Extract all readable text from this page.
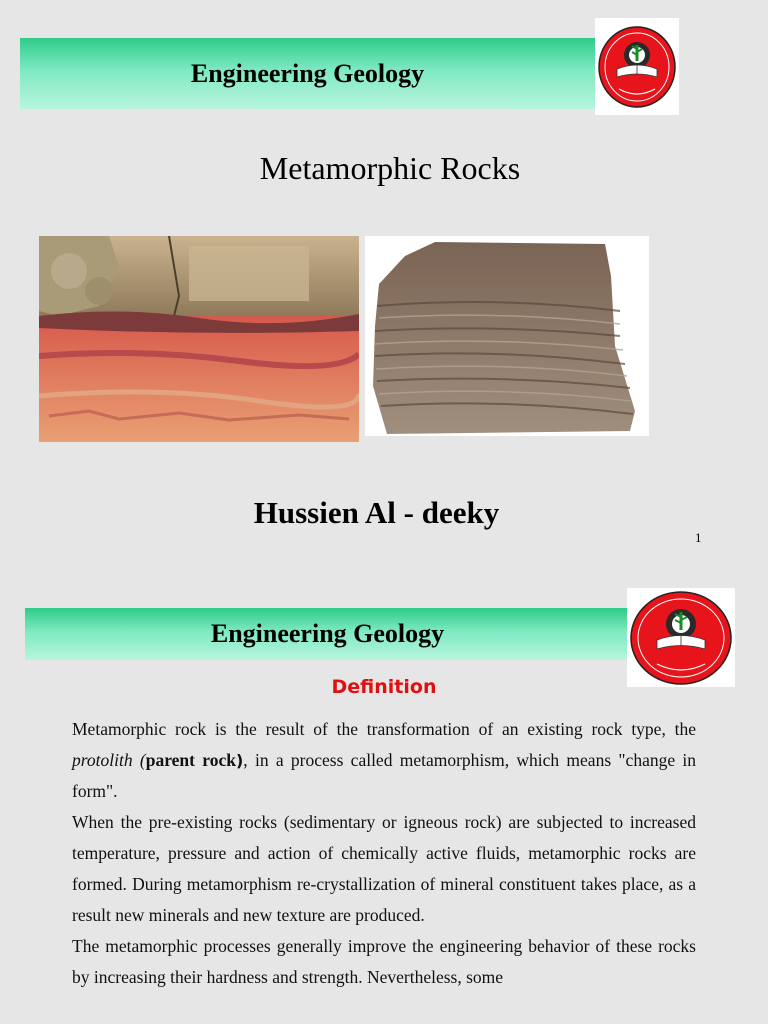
Engineering Geology
Metamorphic Rocks
Hussien Al - deeky
1
Engineering Geology
Definition

Metamorphic rock is the result of the transformation of an existing rock type, the protolith (parent rock), in a process called metamorphism, which means "change in form".

When the pre-existing rocks (sedimentary or igneous rock) are subjected to increased temperature, pressure and action of chemically active fluids, metamorphic rocks are formed. During metamorphism re-crystallization of mineral constituent takes place, as a result new minerals and new texture are produced.

The metamorphic processes generally improve the engineering behavior of these rocks by increasing their hardness and strength. Nevertheless, some
